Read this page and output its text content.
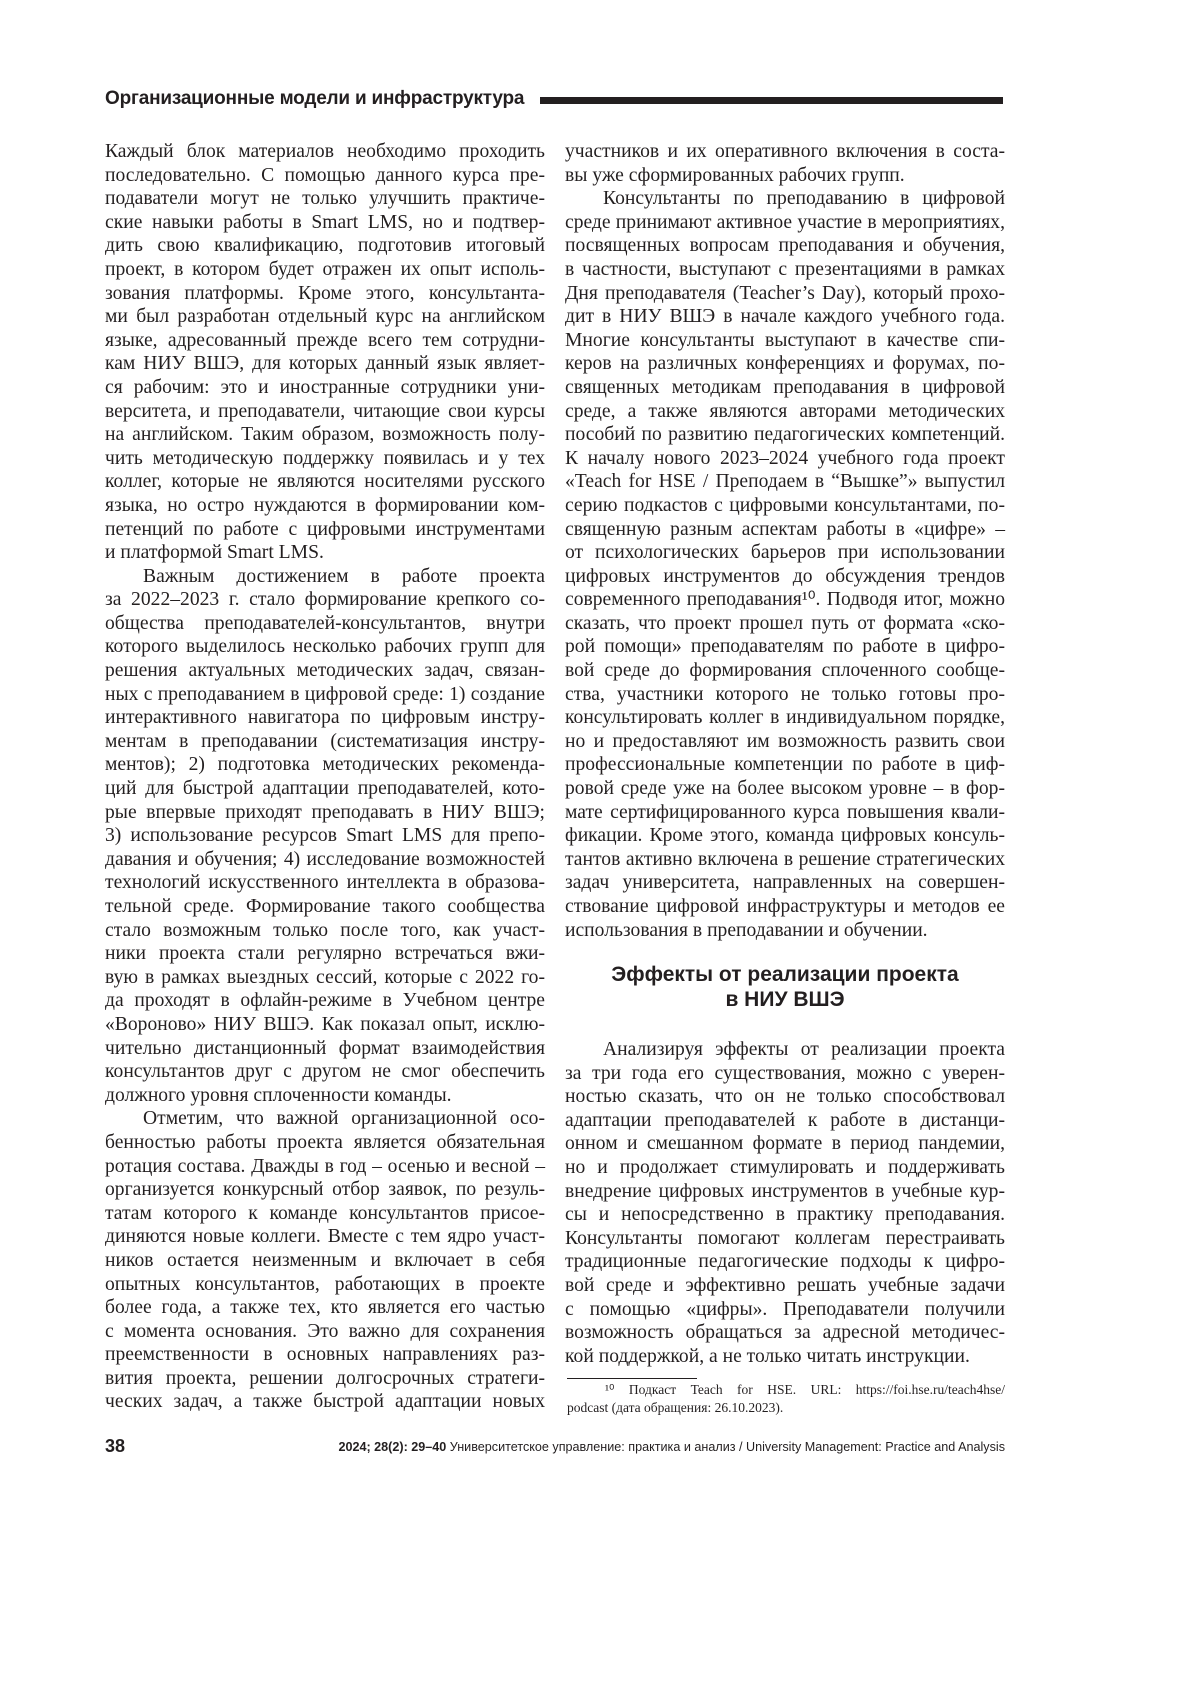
Организационные модели и инфраструктура
Каждый блок материалов необходимо проходить
последовательно. С помощью данного курса пре-
подаватели могут не только улучшить практиче-
ские навыки работы в Smart LMS, но и подтвер-
дить свою квалификацию, подготовив итоговый
проект, в котором будет отражен их опыт исполь-
зования платформы. Кроме этого, консультанта-
ми был разработан отдельный курс на английском
языке, адресованный прежде всего тем сотрудни-
кам НИУ ВШЭ, для которых данный язык являет-
ся рабочим: это и иностранные сотрудники уни-
верситета, и преподаватели, читающие свои курсы
на английском. Таким образом, возможность полу-
чить методическую поддержку появилась и у тех
коллег, которые не являются носителями русского
языка, но остро нуждаются в формировании ком-
петенций по работе с цифровыми инструментами
и платформой Smart LMS.
Важным достижением в работе проекта
за 2022–2023 г. стало формирование крепкого со-
общества преподавателей-консультантов, внутри
которого выделилось несколько рабочих групп для
решения актуальных методических задач, связан-
ных с преподаванием в цифровой среде: 1) создание
интерактивного навигатора по цифровым инстру-
ментам в преподавании (систематизация инстру-
ментов); 2) подготовка методических рекоменда-
ций для быстрой адаптации преподавателей, кото-
рые впервые приходят преподавать в НИУ ВШЭ;
3) использование ресурсов Smart LMS для препо-
давания и обучения; 4) исследование возможностей
технологий искусственного интеллекта в образова-
тельной среде. Формирование такого сообщества
стало возможным только после того, как участ-
ники проекта стали регулярно встречаться вжи-
вую в рамках выездных сессий, которые с 2022 го-
да проходят в офлайн-режиме в Учебном центре
«Вороново» НИУ ВШЭ. Как показал опыт, исклю-
чительно дистанционный формат взаимодействия
консультантов друг с другом не смог обеспечить
должного уровня сплоченности команды.
Отметим, что важной организационной осо-
бенностью работы проекта является обязательная
ротация состава. Дважды в год – осенью и весной –
организуется конкурсный отбор заявок, по резуль-
татам которого к команде консультантов присое-
диняются новые коллеги. Вместе с тем ядро участ-
ников остается неизменным и включает в себя
опытных консультантов, работающих в проекте
более года, а также тех, кто является его частью
с момента основания. Это важно для сохранения
преемственности в основных направлениях раз-
вития проекта, решении долгосрочных стратеги-
ческих задач, а также быстрой адаптации новых
участников и их оперативного включения в соста-
вы уже сформированных рабочих групп.
Консультанты по преподаванию в цифровой
среде принимают активное участие в мероприятиях,
посвященных вопросам преподавания и обучения,
в частности, выступают с презентациями в рамках
Дня преподавателя (Teacher’s Day), который прохо-
дит в НИУ ВШЭ в начале каждого учебного года.
Многие консультанты выступают в качестве спи-
керов на различных конференциях и форумах, по-
священных методикам преподавания в цифровой
среде, а также являются авторами методических
пособий по развитию педагогических компетенций.
К началу нового 2023–2024 учебного года проект
«Teach for HSE / Преподаем в “Вышке”» выпустил
серию подкастов с цифровыми консультантами, по-
священную разным аспектам работы в «цифре» –
от психологических барьеров при использовании
цифровых инструментов до обсуждения трендов
современного преподавания¹⁰. Подводя итог, можно
сказать, что проект прошел путь от формата «ско-
рой помощи» преподавателям по работе в цифро-
вой среде до формирования сплоченного сообще-
ства, участники которого не только готовы про-
консультировать коллег в индивидуальном порядке,
но и предоставляют им возможность развить свои
профессиональные компетенции по работе в циф-
ровой среде уже на более высоком уровне – в фор-
мате сертифицированного курса повышения квали-
фикации. Кроме этого, команда цифровых консуль-
тантов активно включена в решение стратегических
задач университета, направленных на совершен-
ствование цифровой инфраструктуры и методов ее
использования в преподавании и обучении.
Эффекты от реализации проекта
в НИУ ВШЭ
Анализируя эффекты от реализации проекта
за три года его существования, можно с уверен-
ностью сказать, что он не только способствовал
адаптации преподавателей к работе в дистанци-
онном и смешанном формате в период пандемии,
но и продолжает стимулировать и поддерживать
внедрение цифровых инструментов в учебные кур-
сы и непосредственно в практику преподавания.
Консультанты помогают коллегам перестраивать
традиционные педагогические подходы к цифро-
вой среде и эффективно решать учебные задачи
с помощью «цифры». Преподаватели получили
возможность обращаться за адресной методичес-
кой поддержкой, а не только читать инструкции.
¹⁰ Подкаст Teach for HSE. URL: https://foi.hse.ru/teach4hse/
podcast (дата обращения: 26.10.2023).
38	2024; 28(2): 29–40 Университетское управление: практика и анализ / University Management: Practice and Analysis
